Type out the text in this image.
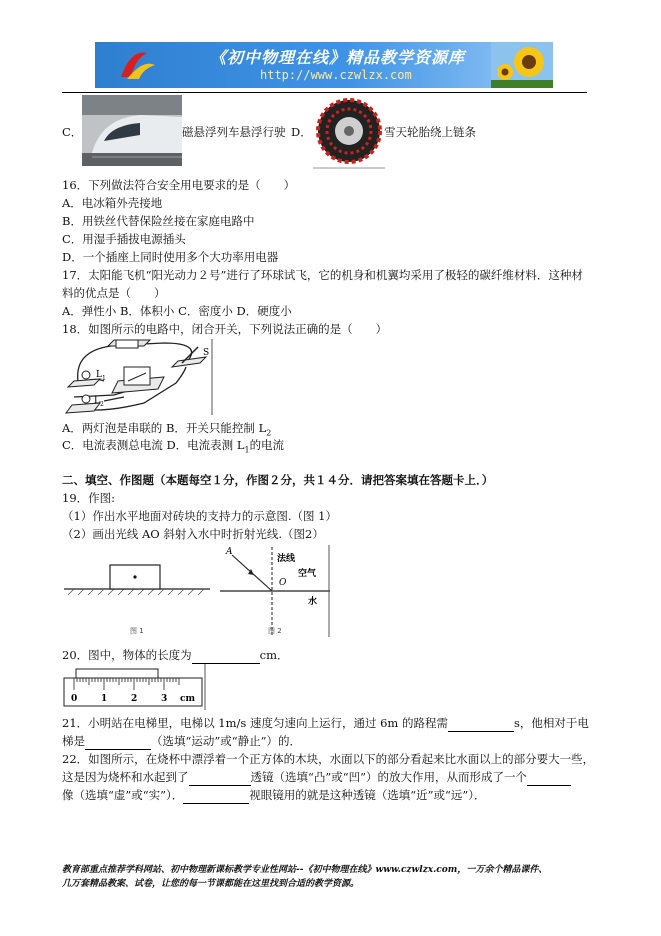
《初中物理在线》精品教学资源库
http://www.czwlzx.com
C．	磁悬浮列车悬浮行驶 D．	雪天轮胎绕上链条
16．下列做法符合安全用电要求的是（　　）
A．电冰箱外壳接地
B．用铁丝代替保险丝接在家庭电路中
C．用湿手插拔电源插头
D．一个插座上同时使用多个大功率用电器
17．太阳能飞机“阳光动力２号”进行了环球试飞，它的机身和机翼均采用了极轻的碳纤维材料．这种材
料的优点是（　　）
A．弹性小 B．体积小 C．密度小 D．硬度小
18．如图所示的电路中，闭合开关，下列说法正确的是（　　）
S
L 1
L 2
A．两灯泡是串联的 B．开关只能控制 $L_2$
C．电流表测总电流 D．电流表测 $L_1$的电流
二、填空、作图题（本题每空１分，作图２分，共１４分．请把答案填在答题卡上．）
19．作图:
（1）作出水平地面对砖块的支持力的示意图.（图 1）
（2）画出光线 AO 斜射入水中时折射光线.（图2）
图 1
A
O
法线
空气
水
图 2
20．图中，物体的长度为	cm．
0	1	2	3 cm
21．小明站在电梯里，电梯以 1m/s 速度匀速向上运行，通过 6m 的路程需	s，他相对于电
梯是	（选填“运动”或“静止”）的．
22．如图所示，在烧杯中漂浮着一个正方体的木块，水面以下的部分看起来比水面以上的部分要大一些，
这是因为烧杯和水起到了	透镜（选填“凸”或“凹”）的放大作用，从而形成了一个
像（选填“虚”或“实”）．	视眼镜用的就是这种透镜（选填“近”或“远”）．
教育部重点推荐学科网站、初中物理新课标教学专业性网站--《初中物理在线》www.czwlzx.com，一万余个精品课件、
几万套精品教案、试卷，让您的每一节课都能在这里找到合适的教学资源。
